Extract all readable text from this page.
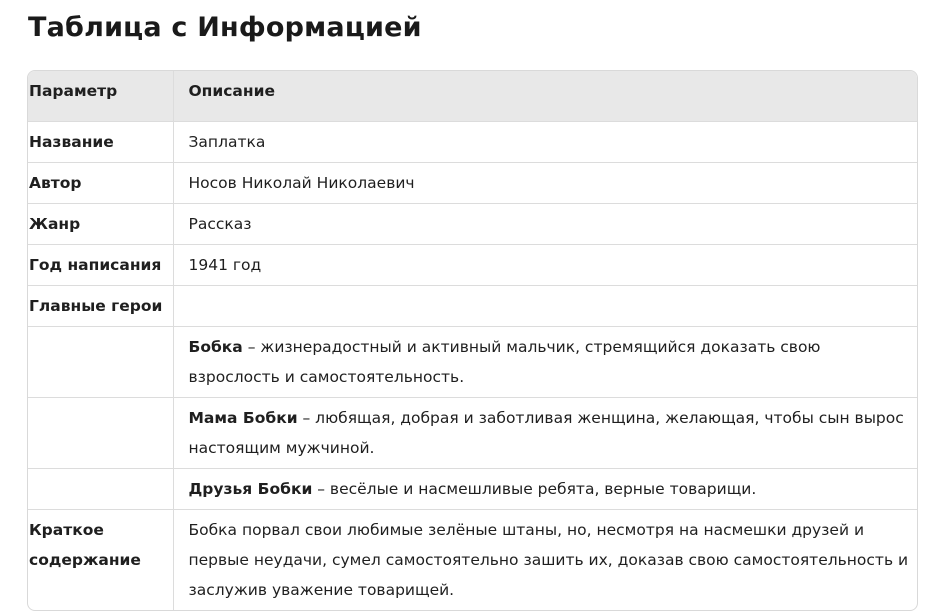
Таблица с Информацией
Параметр	Описание
Название	Заплатка
Автор	Носов Николай Николаевич
Жанр	Рассказ
Год написания	1941 год
Главные герои	
	Бобка – жизнерадостный и активный мальчик, стремящийся доказать свою взрослость и самостоятельность.
	Мама Бобки – любящая, добрая и заботливая женщина, желающая, чтобы сын вырос настоящим мужчиной.
	Друзья Бобки – весёлые и насмешливые ребята, верные товарищи.
Краткое содержание	Бобка порвал свои любимые зелёные штаны, но, несмотря на насмешки друзей и первые неудачи, сумел самостоятельно зашить их, доказав свою самостоятельность и заслужив уважение товарищей.
